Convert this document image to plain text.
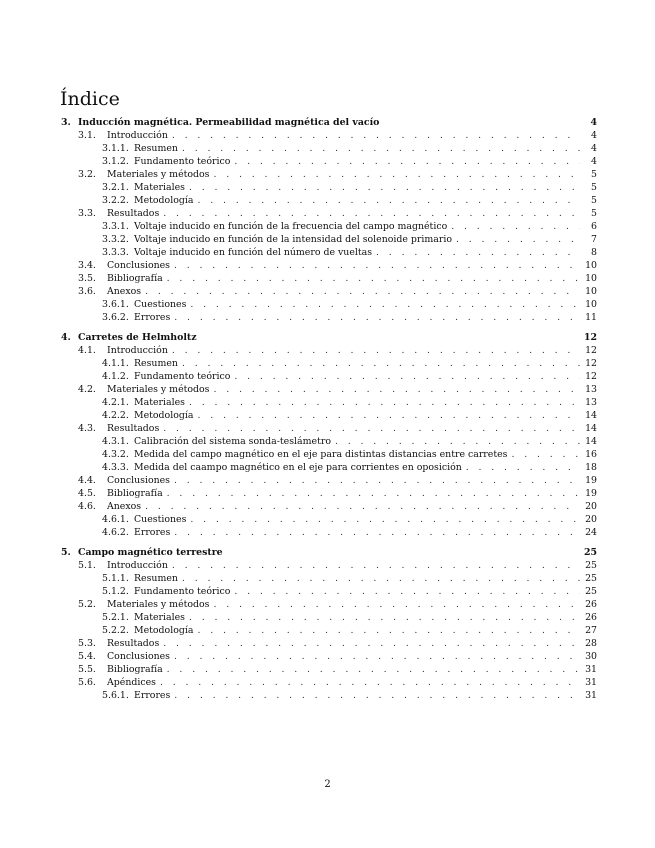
Índice
3. Inducción magnética. Permeabilidad magnética del vacío	4
3.1.	Introducción . . .	4
3.1.1. Resumen . . .	4
3.1.2. Fundamento teórico . . .	4
3.2.	Materiales y métodos . . .	5
3.2.1. Materiales . . .	5
3.2.2. Metodología . . .	5
3.3.	Resultados . . .	5
3.3.1. Voltaje inducido en función de la frecuencia del campo magnético . . .	6
3.3.2. Voltaje inducido en función de la intensidad del solenoide primario . . .	7
3.3.3. Voltaje inducido en función del número de vueltas . . .	8
3.4.	Conclusiones . . .	10
3.5.	Bibliografía . . .	10
3.6.	Anexos . . .	10
3.6.1. Cuestiones . . .	10
3.6.2. Errores . . .	11
4. Carretes de Helmholtz	12
4.1.	Introducción . . .	12
4.1.1. Resumen . . .	12
4.1.2. Fundamento teórico . . .	12
4.2.	Materiales y métodos . . .	13
4.2.1. Materiales . . .	13
4.2.2. Metodología . . .	14
4.3.	Resultados . . .	14
4.3.1. Calibración del sistema sonda-teslámetro . . .	14
4.3.2. Medida del campo magnético en el eje para distintas distancias entre carretes . . .	16
4.3.3. Medida del caampo magnético en el eje para corrientes en oposición . . .	18
4.4.	Conclusiones . . .	19
4.5.	Bibliografía . . .	19
4.6.	Anexos . . .	20
4.6.1. Cuestiones . . .	20
4.6.2. Errores . . .	24
5. Campo magnético terrestre	25
5.1.	Introducción . . .	25
5.1.1. Resumen . . .	25
5.1.2. Fundamento teórico . . .	25
5.2.	Materiales y métodos . . .	26
5.2.1. Materiales . . .	26
5.2.2. Metodología . . .	27
5.3.	Resultados . . .	28
5.4.	Conclusiones . . .	30
5.5.	Bibliografía . . .	31
5.6.	Apéndices . . .	31
5.6.1. Errores . . .	31
2
